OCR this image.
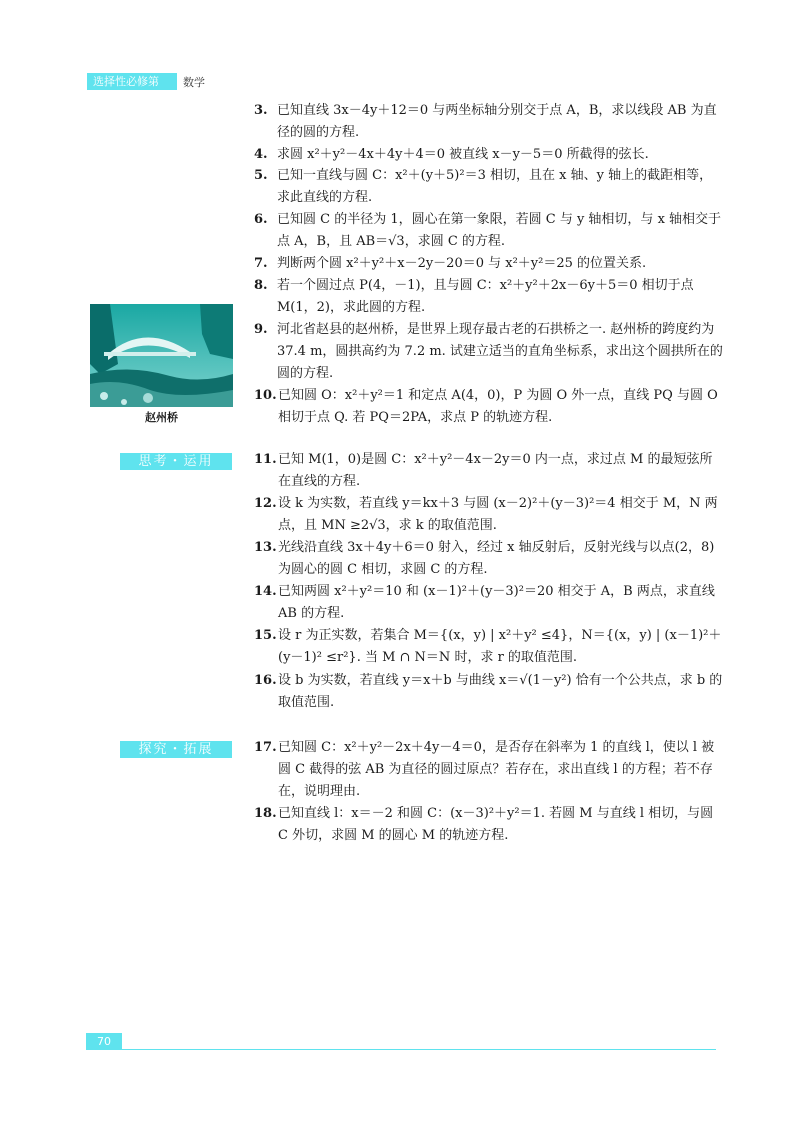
选择性必修第一册
数学
3. 已知直线 3x－4y＋12＝0 与两坐标轴分别交于点 A，B，求以线段 AB 为直径的圆的方程.
4. 求圆 x²＋y²－4x＋4y＋4＝0 被直线 x－y－5＝0 所截得的弦长.
5. 已知一直线与圆 C：x²＋(y＋5)²＝3 相切，且在 x 轴、y 轴上的截距相等，求此直线的方程.
6. 已知圆 C 的半径为 1，圆心在第一象限，若圆 C 与 y 轴相切，与 x 轴相交于点 A，B，且 AB＝√3，求圆 C 的方程.
7. 判断两个圆 x²＋y²＋x－2y－20＝0 与 x²＋y²＝25 的位置关系.
8. 若一个圆过点 P(4，－1)，且与圆 C：x²＋y²＋2x－6y＋5＝0 相切于点 M(1，2)，求此圆的方程.
9. 河北省赵县的赵州桥，是世界上现存最古老的石拱桥之一. 赵州桥的跨度约为 37.4 m，圆拱高约为 7.2 m. 试建立适当的直角坐标系，求出这个圆拱所在的圆的方程.
10. 已知圆 O：x²＋y²＝1 和定点 A(4，0)，P 为圆 O 外一点，直线 PQ 与圆 O 相切于点 Q. 若 PQ＝2PA，求点 P 的轨迹方程.
赵州桥
思考・运用	11. 已知 M(1，0)是圆 C：x²＋y²－4x－2y＝0 内一点，求过点 M 的最短弦所在直线的方程.
12. 设 k 为实数，若直线 y＝kx＋3 与圆 (x－2)²＋(y－3)²＝4 相交于 M，N 两点，且 MN ≥2√3，求 k 的取值范围.
13. 光线沿直线 3x＋4y＋6＝0 射入，经过 x 轴反射后，反射光线与以点(2，8)为圆心的圆 C 相切，求圆 C 的方程.
14. 已知两圆 x²＋y²＝10 和 (x－1)²＋(y－3)²＝20 相交于 A，B 两点，求直线 AB 的方程.
15. 设 r 为正实数，若集合 M＝{(x，y) | x²＋y² ≤4}，N＝{(x，y) | (x－1)²＋(y－1)² ≤r²}. 当 M ∩ N＝N 时，求 r 的取值范围.
16. 设 b 为实数，若直线 y＝x＋b 与曲线 x＝√(1－y²) 恰有一个公共点，求 b 的取值范围.
探究・拓展	17. 已知圆 C：x²＋y²－2x＋4y－4＝0，是否存在斜率为 1 的直线 l，使以 l 被圆 C 截得的弦 AB 为直径的圆过原点？若存在，求出直线 l 的方程；若不存在，说明理由.
18. 已知直线 l：x＝－2 和圆 C：(x－3)²＋y²＝1. 若圆 M 与直线 l 相切，与圆 C 外切，求圆 M 的圆心 M 的轨迹方程.
70
